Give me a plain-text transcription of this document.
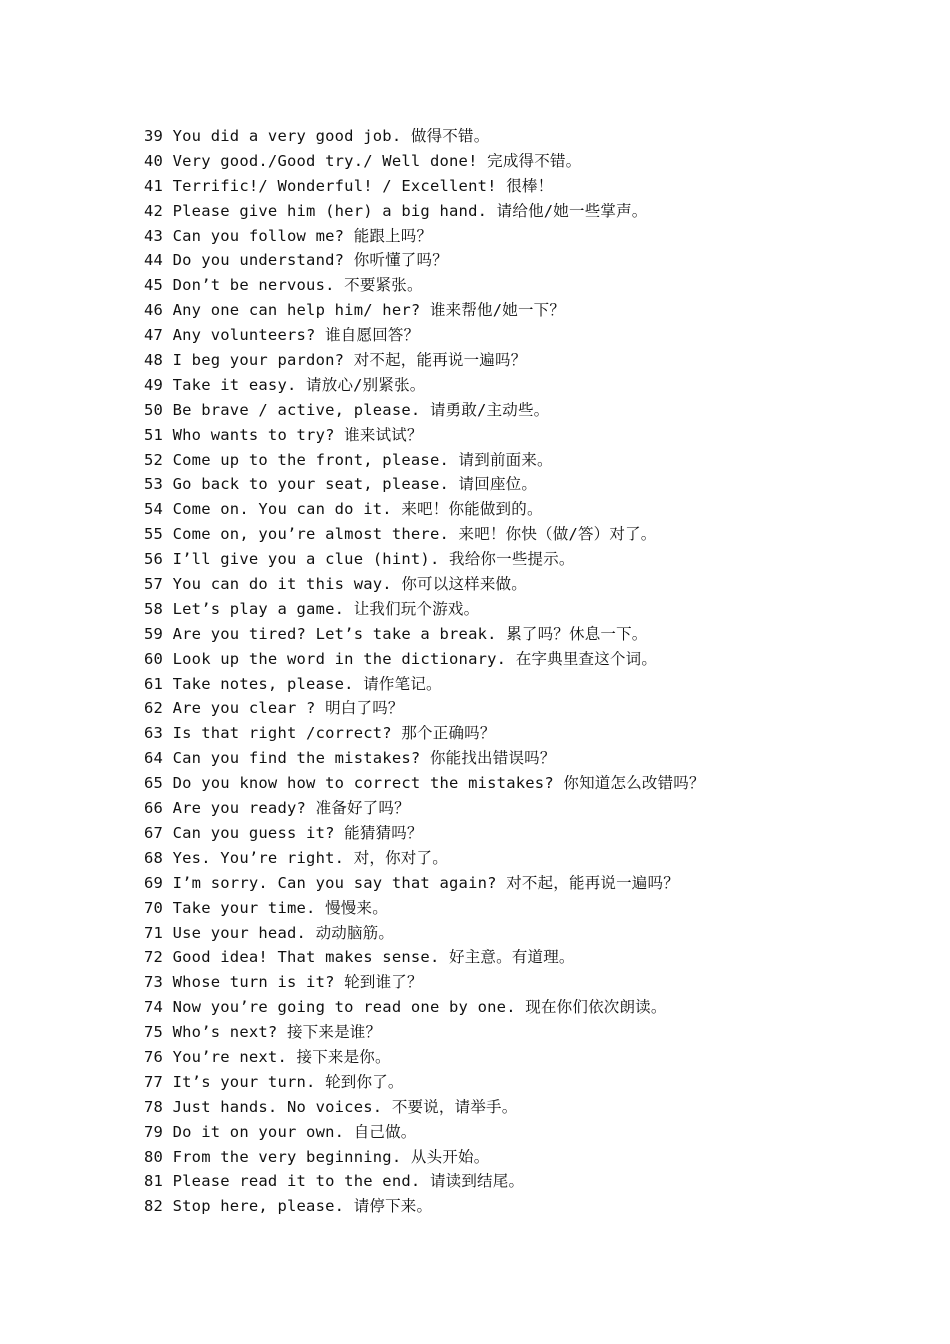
39 You did a very good job. 做得不错。
40 Very good./Good try./ Well done! 完成得不错。
41 Terrific!/ Wonderful! / Excellent! 很棒！
42 Please give him (her) a big hand. 请给他/她一些掌声。
43 Can you follow me? 能跟上吗？
44 Do you understand? 你听懂了吗？
45 Don’t be nervous. 不要紧张。
46 Any one can help him/ her? 谁来帮他/她一下？
47 Any volunteers? 谁自愿回答？
48 I beg your pardon? 对不起，能再说一遍吗？
49 Take it easy. 请放心/别紧张。
50 Be brave / active, please. 请勇敢/主动些。
51 Who wants to try? 谁来试试？
52 Come up to the front, please. 请到前面来。
53 Go back to your seat, please. 请回座位。
54 Come on. You can do it. 来吧！你能做到的。
55 Come on, you’re almost there. 来吧！你快（做/答）对了。
56 I’ll give you a clue (hint). 我给你一些提示。
57 You can do it this way. 你可以这样来做。
58 Let’s play a game. 让我们玩个游戏。
59 Are you tired? Let’s take a break. 累了吗？休息一下。
60 Look up the word in the dictionary. 在字典里查这个词。
61 Take notes, please. 请作笔记。
62 Are you clear ? 明白了吗？
63 Is that right /correct? 那个正确吗？
64 Can you find the mistakes? 你能找出错误吗？
65 Do you know how to correct the mistakes? 你知道怎么改错吗？
66 Are you ready? 准备好了吗？
67 Can you guess it? 能猜猜吗？
68 Yes. You’re right. 对，你对了。
69 I’m sorry. Can you say that again? 对不起，能再说一遍吗？
70 Take your time. 慢慢来。
71 Use your head. 动动脑筋。
72 Good idea! That makes sense. 好主意。有道理。
73 Whose turn is it? 轮到谁了？
74 Now you’re going to read one by one. 现在你们依次朗读。
75 Who’s next? 接下来是谁？
76 You’re next. 接下来是你。
77 It’s your turn. 轮到你了。
78 Just hands. No voices. 不要说，请举手。
79 Do it on your own. 自己做。
80 From the very beginning. 从头开始。
81 Please read it to the end. 请读到结尾。
82 Stop here, please. 请停下来。
